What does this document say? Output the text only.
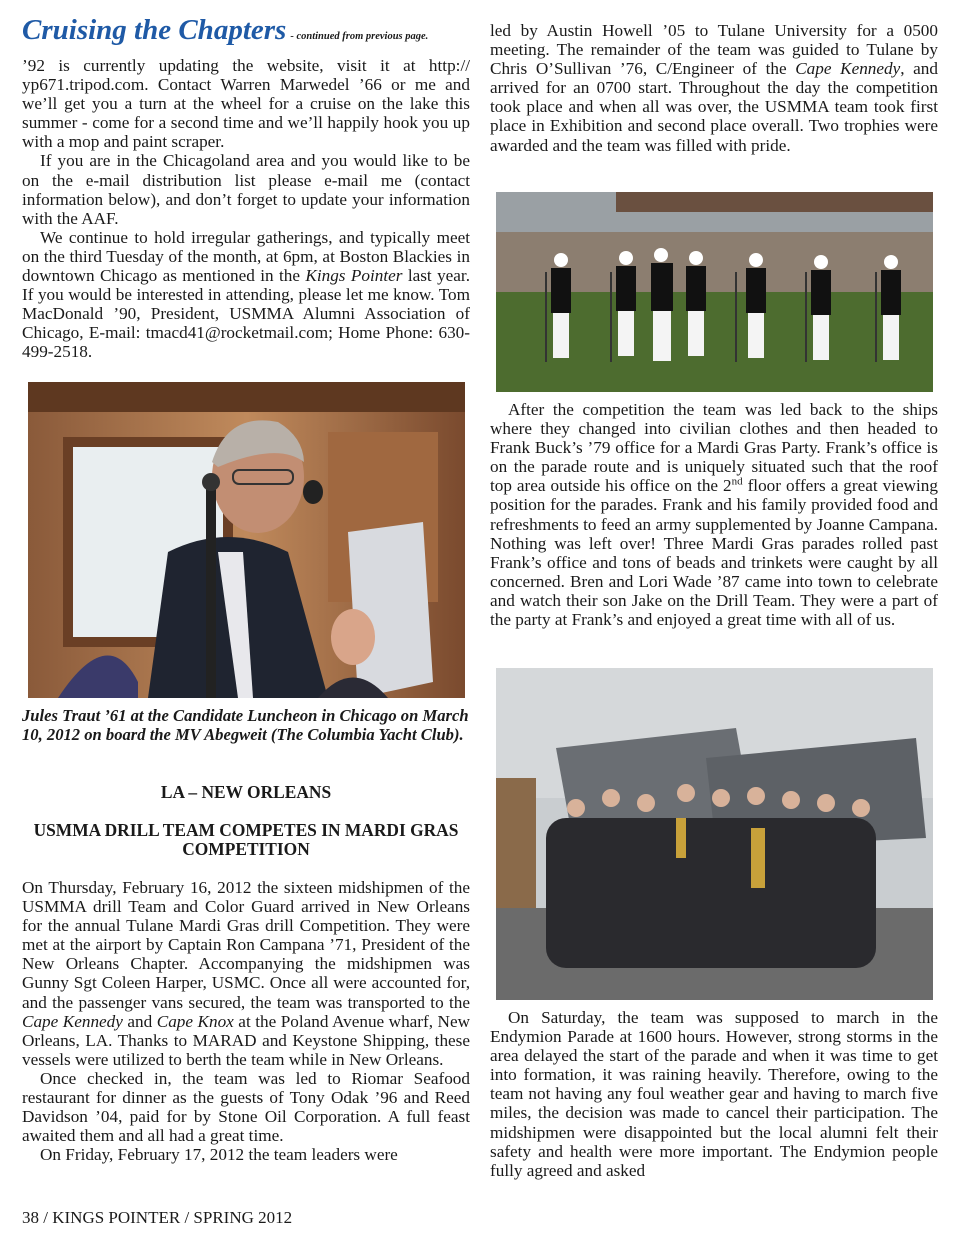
Cruising the Chapters - continued from previous page.

’92 is currently updating the website, visit it at http:// yp671.tripod.com. Contact Warren Marwedel ’66 or me and we’ll get you a turn at the wheel for a cruise on the lake this summer - come for a second time and we’ll happily hook you up with a mop and paint scraper.

If you are in the Chicagoland area and you would like to be on the e-mail distribution list please e-mail me (contact information below), and don’t forget to update your information with the AAF.

We continue to hold irregular gatherings, and typically meet on the third Tuesday of the month, at 6pm, at Boston Blackies in downtown Chicago as mentioned in the Kings Pointer last year. If you would be interested in attending, please let me know. Tom MacDonald ’90, President, USMMA Alumni Association of Chicago, E-mail: tmacd41@rocketmail.com; Home Phone: 630-499-2518.

Jules Traut ’61 at the Candidate Luncheon in Chicago on March 10, 2012 on board the MV Abegweit (The Columbia Yacht Club).
LA – NEW ORLEANS
USMMA DRILL TEAM COMPETES IN MARDI GRAS COMPETITION

On Thursday, February 16, 2012 the sixteen midshipmen of the USMMA drill Team and Color Guard arrived in New Orleans for the annual Tulane Mardi Gras drill Competition. They were met at the airport by Captain Ron Campana ’71, President of the New Orleans Chapter. Accompanying the midshipmen was Gunny Sgt Coleen Harper, USMC. Once all were accounted for, and the passenger vans secured, the team was transported to the Cape Kennedy and Cape Knox at the Poland Avenue wharf, New Orleans, LA. Thanks to MARAD and Keystone Shipping, these vessels were utilized to berth the team while in New Orleans.

Once checked in, the team was led to Riomar Seafood restaurant for dinner as the guests of Tony Odak ’96 and Reed Davidson ’04, paid for by Stone Oil Corporation. A full feast awaited them and all had a great time.

On Friday, February 17, 2012 the team leaders were

led by Austin Howell ’05 to Tulane University for a 0500 meeting. The remainder of the team was guided to Tulane by Chris O’Sullivan ’76, C/Engineer of the Cape Kennedy, and arrived for an 0700 start. Throughout the day the competition took place and when all was over, the USMMA team took first place in Exhibition and second place overall. Two trophies were awarded and the team was filled with pride.

After the competition the team was led back to the ships where they changed into civilian clothes and then headed to Frank Buck’s ’79 office for a Mardi Gras Party. Frank’s office is on the parade route and is uniquely situated such that the roof top area outside his office on the 2nd floor offers a great viewing position for the parades. Frank and his family provided food and refreshments to feed an army supplemented by Joanne Campana. Nothing was left over! Three Mardi Gras parades rolled past Frank’s office and tons of beads and trinkets were caught by all concerned. Bren and Lori Wade ’87 came into town to celebrate and watch their son Jake on the Drill Team. They were a part of the party at Frank’s and enjoyed a great time with all of us.

On Saturday, the team was supposed to march in the Endymion Parade at 1600 hours. However, strong storms in the area delayed the start of the parade and when it was time to get into formation, it was raining heavily. Therefore, owing to the team not having any foul weather gear and having to march five miles, the decision was made to cancel their participation. The midshipmen were disappointed but the local alumni felt their safety and health were more important. The Endymion people fully agreed and asked

38 / KINGS POINTER / SPRING 2012
